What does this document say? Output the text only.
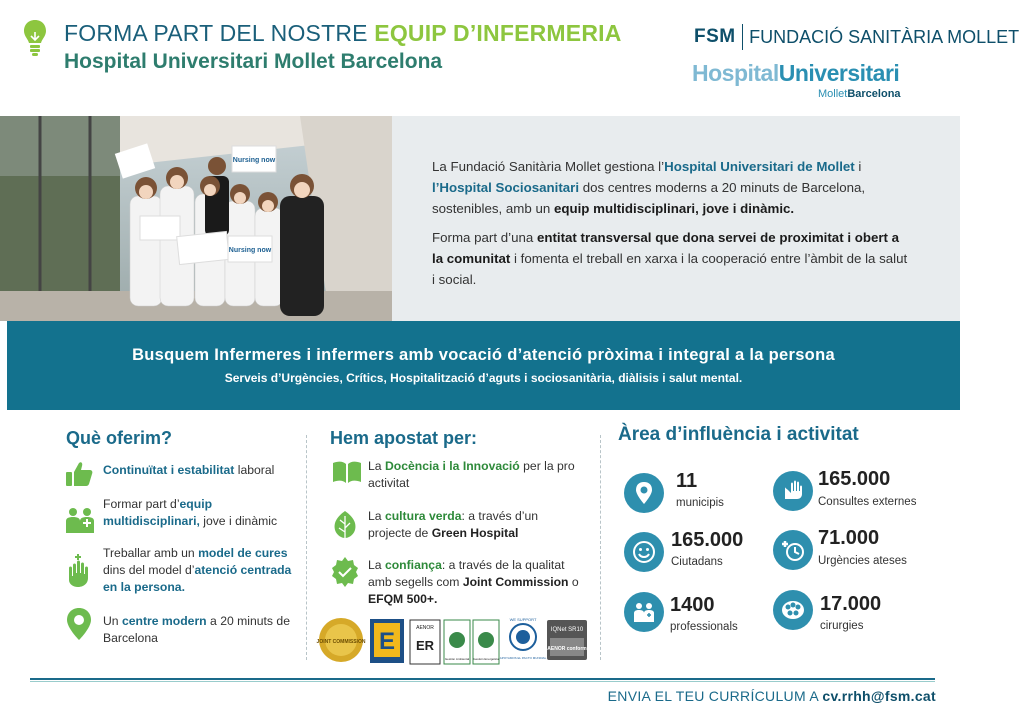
FORMA PART DEL NOSTRE EQUIP D’INFERMERIA
Hospital Universitari Mollet Barcelona
FSM FUNDACIÓ SANITÀRIA MOLLET
HospitalUniversitari
MolletBarcelona
Nursing now
Nursing now

La Fundació Sanitària Mollet gestiona l’Hospital Universitari de Mollet i l’Hospital Sociosanitari dos centres moderns a 20 minuts de Barcelona, sostenibles, amb un equip multidisciplinari, jove i dinàmic.

Forma part d’una entitat transversal que dona servei de proximitat i obert a la comunitat i fomenta el treball en xarxa i la cooperació entre l’àmbit de la salut i social.

Busquem Infermeres i infermers amb vocació d’atenció pròxima i integral a la persona
Serveis d’Urgències, Crítics, Hospitalització d’aguts i sociosanitària, diàlisis i salut mental.
Què oferim?
Continuïtat i estabilitat laboral
Formar part d’equip multidisciplinari, jove i dinàmic
Treballar amb un model de cures dins del model d’atenció centrada en la persona.
Un centre modern a 20 minuts de Barcelona
Hem apostat per:
La Docència i la Innovació per la pro activitat
La cultura verda: a través d’un projecte de Green Hospital
La confiança: a través de la qualitat amb segells com Joint Commission o EFQM 500+.
JOINT COMMISSION E	AENOR
ER
Gestión Ambiental Gestión Energética
WE SUPPORT
APOYAMOS EL PACTO MUNDIAL
IQNet SR10
AENOR conform
Àrea d’influència i activitat
11
municipis
165.000
Consultes externes
165.000
Ciutadans
71.000
Urgències ateses
1400
professionals
17.000
cirurgies
ENVIA EL TEU CURRÍCULUM A cv.rrhh@fsm.cat
